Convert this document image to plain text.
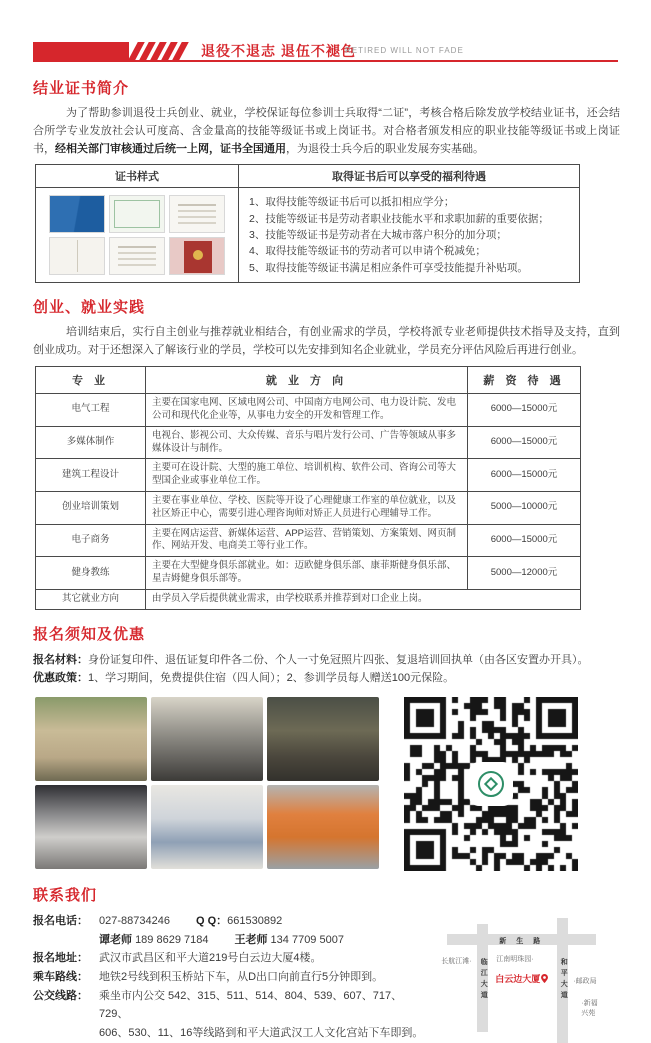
退役不退志 退伍不褪色
RETIRED WILL NOT FADE
结业证书简介

为了帮助参训退役士兵创业、就业，学校保证每位参训士兵取得“二证”，考核合格后除发放学校结业证书，还会结合所学专业发放社会认可度高、含金量高的技能等级证书或上岗证书。对合格者颁发相应的职业技能等级证书或上岗证书，经相关部门审核通过后统一上网，证书全国通用，为退役士兵今后的职业发展夯实基础。

证书样式	取得证书后可以享受的福利待遇

1、取得技能等级证书后可以抵扣相应学分；
2、技能等级证书是劳动者职业技能水平和求职加薪的重要依据；
3、技能等级证书是劳动者在大城市落户积分的加分项；
4、取得技能等级证书的劳动者可以申请个税减免；
5、取得技能等级证书满足相应条件可享受技能提升补贴项。
创业、就业实践

培训结束后，实行自主创业与推荐就业相结合，有创业需求的学员，学校将派专业老师提供技术指导及支持，直到创业成功。对于还想深入了解该行业的学员，学校可以先安排到知名企业就业，学员充分评估风险后再进行创业。

专 业	就 业 方 向	薪 资 待 遇
电气工程	主要在国家电网、区域电网公司、中国南方电网公司、电力设计院、发电公司和现代化企业等，从事电力安全的开发和管理工作。	6000—15000元
多媒体制作	电视台、影视公司、大众传媒、音乐与唱片发行公司、广告等领域从事多媒体设计与制作。	6000—15000元
建筑工程设计	主要可在设计院、大型的施工单位、培训机构、软件公司、咨询公司等大型国企业或事业单位工作。	6000—15000元
创业培训策划	主要在事业单位、学校、医院等开设了心理健康工作室的单位就业，以及社区矫正中心，需要引进心理咨询师对矫正人员进行心理辅导工作。	5000—10000元
电子商务	主要在网店运营、新媒体运营、APP运营、营销策划、方案策划、网页制作、网站开发、电商美工等行业工作。	6000—15000元
健身教练	主要在大型健身俱乐部就业。如：迈欧健身俱乐部、康菲斯健身俱乐部、星吉姆健身俱乐部等。	5000—12000元
其它就业方向	由学员入学后提供就业需求，由学校联系并推荐到对口企业上岗。	
报名须知及优惠

报名材料：身份证复印件、退伍证复印件各二份、个人一寸免冠照片四张、复退培训回执单（由各区安置办开具）。

优惠政策：1、学习期间，免费提供住宿（四人间）；2、参训学员每人赠送100元保险。

联系我们
报名电话：	027-88734246 Q Q：661530892
谭老师 189 8629 7184 王老师 134 7709 5007
报名地址：	武汉市武昌区和平大道219号白云边大厦4楼。
乘车路线：	地铁2号线到积玉桥站下车，从D出口向前直行5分钟即到。
公交线路：	乘坐市内公交 542、315、511、514、804、539、607、717、729、
606、530、11、16等线路到和平大道武汉工人文化宫站下车即到。
新生路
临江大道	和平大道
白云边大厦
长航江滩·	江南明珠园·
·邮政局
·新福兴苑
